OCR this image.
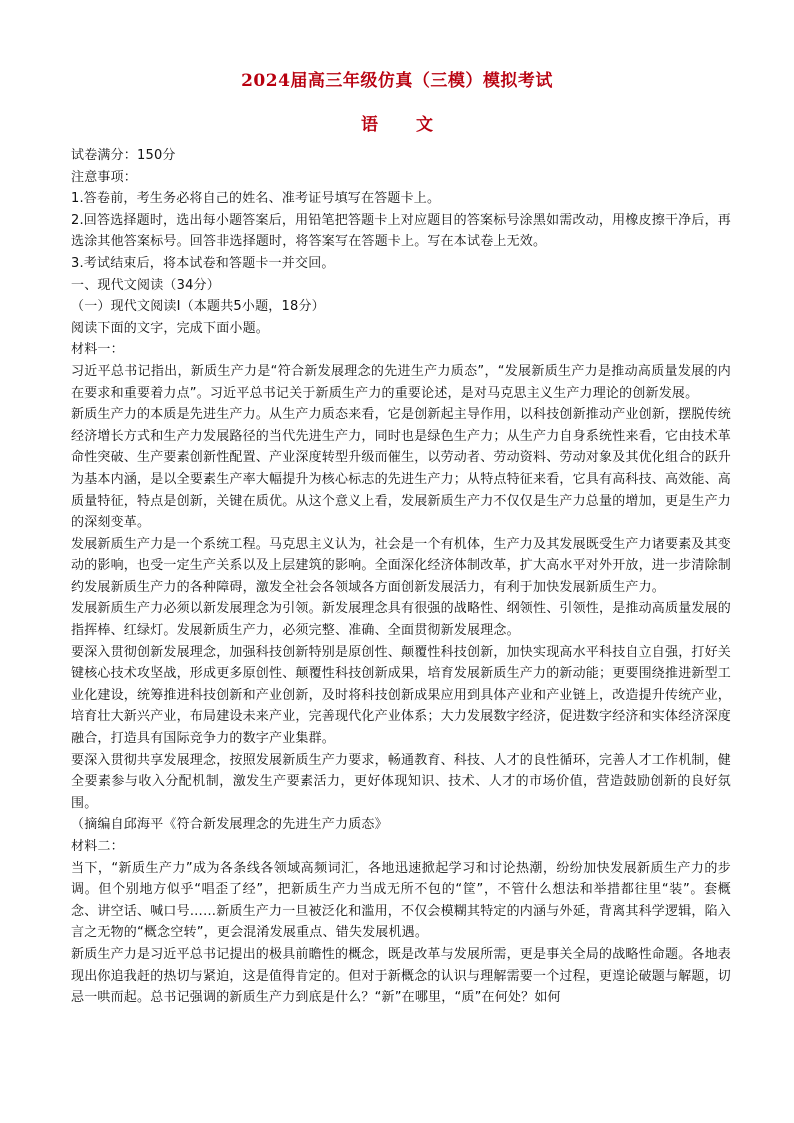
2024届高三年级仿真（三模）模拟考试
语 文

试卷满分：150分

注意事项：

1.答卷前，考生务必将自己的姓名、准考证号填写在答题卡上。

2.回答选择题时，选出每小题答案后，用铅笔把答题卡上对应题目的答案标号涂黑如需改动，用橡皮擦干净后，再选涂其他答案标号。回答非选择题时，将答案写在答题卡上。写在本试卷上无效。

3.考试结束后，将本试卷和答题卡一并交回。

一、现代文阅读（34分）

（一）现代文阅读Ⅰ（本题共5小题，18分）

阅读下面的文字，完成下面小题。

材料一：

习近平总书记指出，新质生产力是“符合新发展理念的先进生产力质态”，“发展新质生产力是推动高质量发展的内在要求和重要着力点”。习近平总书记关于新质生产力的重要论述，是对马克思主义生产力理论的创新发展。

新质生产力的本质是先进生产力。从生产力质态来看，它是创新起主导作用，以科技创新推动产业创新，摆脱传统经济增长方式和生产力发展路径的当代先进生产力，同时也是绿色生产力；从生产力自身系统性来看，它由技术革命性突破、生产要素创新性配置、产业深度转型升级而催生，以劳动者、劳动资料、劳动对象及其优化组合的跃升为基本内涵，是以全要素生产率大幅提升为核心标志的先进生产力；从特点特征来看，它具有高科技、高效能、高质量特征，特点是创新，关键在质优。从这个意义上看，发展新质生产力不仅仅是生产力总量的增加，更是生产力的深刻变革。

发展新质生产力是一个系统工程。马克思主义认为，社会是一个有机体，生产力及其发展既受生产力诸要素及其变动的影响，也受一定生产关系以及上层建筑的影响。全面深化经济体制改革，扩大高水平对外开放，进一步清除制约发展新质生产力的各种障碍，激发全社会各领域各方面创新发展活力，有利于加快发展新质生产力。

发展新质生产力必须以新发展理念为引领。新发展理念具有很强的战略性、纲领性、引领性，是推动高质量发展的指挥棒、红绿灯。发展新质生产力，必须完整、准确、全面贯彻新发展理念。

要深入贯彻创新发展理念，加强科技创新特别是原创性、颠覆性科技创新，加快实现高水平科技自立自强，打好关键核心技术攻坚战，形成更多原创性、颠覆性科技创新成果，培育发展新质生产力的新动能；更要围绕推进新型工业化建设，统筹推进科技创新和产业创新，及时将科技创新成果应用到具体产业和产业链上，改造提升传统产业，培育壮大新兴产业，布局建设未来产业，完善现代化产业体系；大力发展数字经济，促进数字经济和实体经济深度融合，打造具有国际竞争力的数字产业集群。

要深入贯彻共享发展理念，按照发展新质生产力要求，畅通教育、科技、人才的良性循环，完善人才工作机制，健全要素参与收入分配机制，激发生产要素活力，更好体现知识、技术、人才的市场价值，营造鼓励创新的良好氛围。

（摘编自邱海平《符合新发展理念的先进生产力质态》

材料二：

当下，“新质生产力”成为各条线各领域高频词汇，各地迅速掀起学习和讨论热潮，纷纷加快发展新质生产力的步调。但个别地方似乎“唱歪了经”，把新质生产力当成无所不包的“筐”，不管什么想法和举措都往里“装”。套概念、讲空话、喊口号……新质生产力一旦被泛化和滥用，不仅会模糊其特定的内涵与外延，背离其科学逻辑，陷入言之无物的“概念空转”，更会混淆发展重点、错失发展机遇。

新质生产力是习近平总书记提出的极具前瞻性的概念，既是改革与发展所需，更是事关全局的战略性命题。各地表现出你追我赶的热切与紧迫，这是值得肯定的。但对于新概念的认识与理解需要一个过程，更遑论破题与解题，切忌一哄而起。总书记强调的新质生产力到底是什么？“新”在哪里，“质”在何处？如何
